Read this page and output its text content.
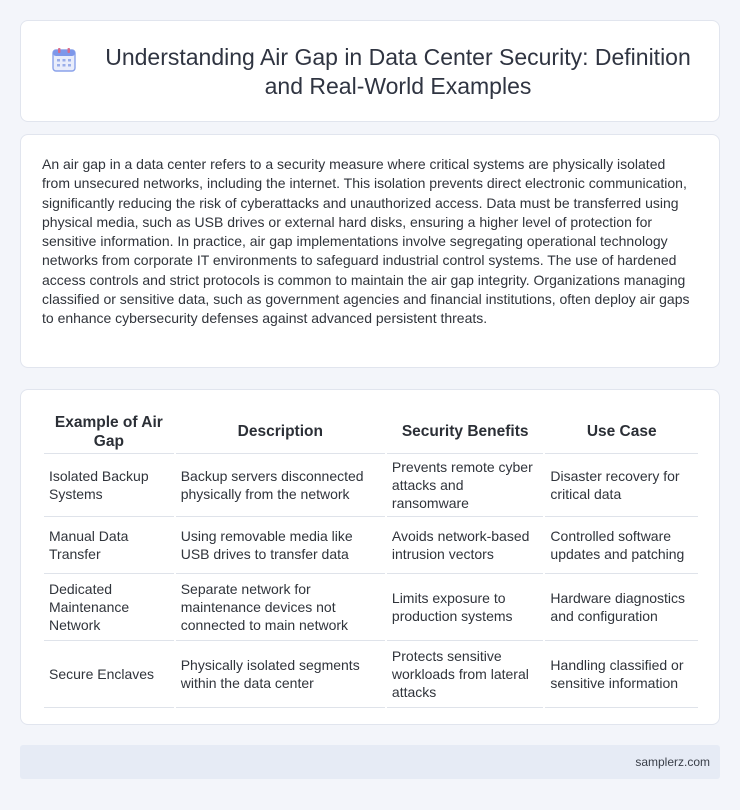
Understanding Air Gap in Data Center Security: Definition and Real-World Examples

An air gap in a data center refers to a security measure where critical systems are physically isolated from unsecured networks, including the internet. This isolation prevents direct electronic communication, significantly reducing the risk of cyberattacks and unauthorized access. Data must be transferred using physical media, such as USB drives or external hard disks, ensuring a higher level of protection for sensitive information. In practice, air gap implementations involve segregating operational technology networks from corporate IT environments to safeguard industrial control systems. The use of hardened access controls and strict protocols is common to maintain the air gap integrity. Organizations managing classified or sensitive data, such as government agencies and financial institutions, often deploy air gaps to enhance cybersecurity defenses against advanced persistent threats.

Example of Air Gap	Description	Security Benefits	Use Case
Isolated Backup Systems	Backup servers disconnected physically from the network	Prevents remote cyber attacks and ransomware	Disaster recovery for critical data
Manual Data Transfer	Using removable media like USB drives to transfer data	Avoids network-based intrusion vectors	Controlled software updates and patching
Dedicated Maintenance Network	Separate network for maintenance devices not connected to main network	Limits exposure to production systems	Hardware diagnostics and configuration
Secure Enclaves	Physically isolated segments within the data center	Protects sensitive workloads from lateral attacks	Handling classified or sensitive information
samplerz.com
